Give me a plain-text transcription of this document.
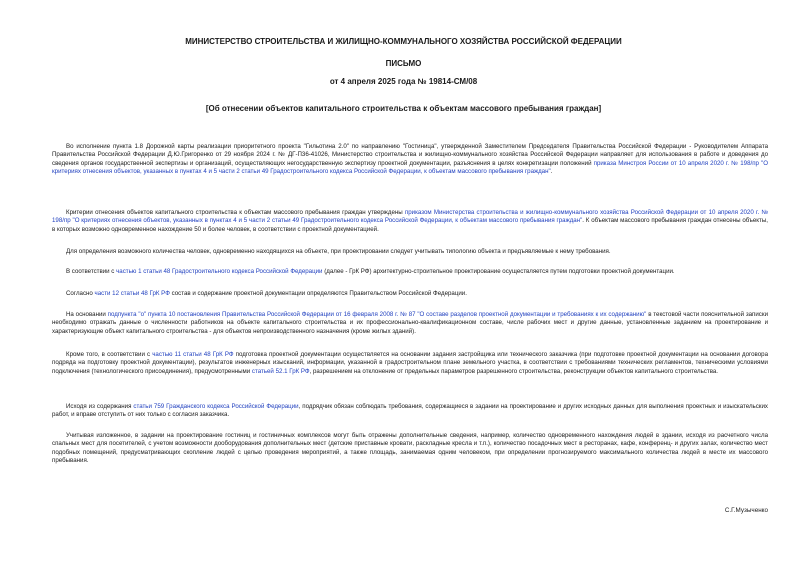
МИНИСТЕРСТВО СТРОИТЕЛЬСТВА И ЖИЛИЩНО-КОММУНАЛЬНОГО ХОЗЯЙСТВА РОССИЙСКОЙ ФЕДЕРАЦИИ
ПИСЬМО
от 4 апреля 2025 года № 19814-СМ/08
[Об отнесении объектов капитального строительства к объектам массового пребывания граждан]

Во исполнение пункта 1.8 Дорожной карты реализации приоритетного проекта "Гильотина 2.0" по направлению "Гостиница", утвержденной Заместителем Председателя Правительства Российской Федерации - Руководителем Аппарата Правительства Российской Федерации Д.Ю.Григоренко от 29 ноября 2024 г. № ДГ-П36-41026, Министерство строительства и жилищно-коммунального хозяйства Российской Федерации направляет для использования в работе и доведения до сведения органов государственной экспертизы и организаций, осуществляющих негосударственную экспертизу проектной документации, разъяснения в целях конкретизации положений приказа Минстроя России от 10 апреля 2020 г. № 198/пр "О критериях отнесения объектов, указанных в пунктах 4 и 5 части 2 статьи 49 Градостроительного кодекса Российской Федерации, к объектам массового пребывания граждан".

Критерии отнесения объектов капитального строительства к объектам массового пребывания граждан утверждены приказом Министерства строительства и жилищно-коммунального хозяйства Российской Федерации от 10 апреля 2020 г. № 198/пр "О критериях отнесения объектов, указанных в пунктах 4 и 5 части 2 статьи 49 Градостроительного кодекса Российской Федерации, к объектам массового пребывания граждан". К объектам массового пребывания граждан отнесены объекты, в которых возможно одновременное нахождение 50 и более человек, в соответствии с проектной документацией.

Для определения возможного количества человек, одновременно находящихся на объекте, при проектировании следует учитывать типологию объекта и предъявляемые к нему требования.

В соответствии с частью 1 статьи 48 Градостроительного кодекса Российской Федерации (далее - ГрК РФ) архитектурно-строительное проектирование осуществляется путем подготовки проектной документации.

Согласно части 12 статьи 48 ГрК РФ состав и содержание проектной документации определяются Правительством Российской Федерации.

На основании подпункта "о" пункта 10 постановления Правительства Российской Федерации от 16 февраля 2008 г. № 87 "О составе разделов проектной документации и требованиях к их содержанию" в текстовой части пояснительной записки необходимо отражать данные о численности работников на объекте капитального строительства и их профессионально-квалификационном составе, числе рабочих мест и другие данные, установленные заданием на проектирование и характеризующие объект капитального строительства - для объектов непроизводственного назначения (кроме жилых зданий).

Кроме того, в соответствии с частью 11 статьи 48 ГрК РФ подготовка проектной документации осуществляется на основании задания застройщика или технического заказчика (при подготовке проектной документации на основании договора подряда на подготовку проектной документации), результатов инженерных изысканий, информации, указанной в градостроительном плане земельного участка, в соответствии с требованиями технических регламентов, техническими условиями подключения (технологического присоединения), предусмотренными статьей 52.1 ГрК РФ, разрешением на отклонение от предельных параметров разрешенного строительства, реконструкции объектов капитального строительства.

Исходя из содержания статьи 759 Гражданского кодекса Российской Федерации, подрядчик обязан соблюдать требования, содержащиеся в задании на проектирование и других исходных данных для выполнения проектных и изыскательских работ, и вправе отступить от них только с согласия заказчика.

Учитывая изложенное, в задании на проектирование гостиниц и гостиничных комплексов могут быть отражены дополнительные сведения, например, количество одновременного нахождения людей в здании, исходя из расчетного числа спальных мест для посетителей, с учетом возможности дооборудования дополнительных мест (детские приставные кровати, раскладные кресла и т.п.), количество посадочных мест в ресторанах, кафе, конференц- и других залах, количество мест подобных помещений, предусматривающих скопление людей с целью проведения мероприятий, а также площадь, занимаемая одним человеком, при определении прогнозируемого максимального количества людей в месте их массового пребывания.

С.Г.Музыченко
